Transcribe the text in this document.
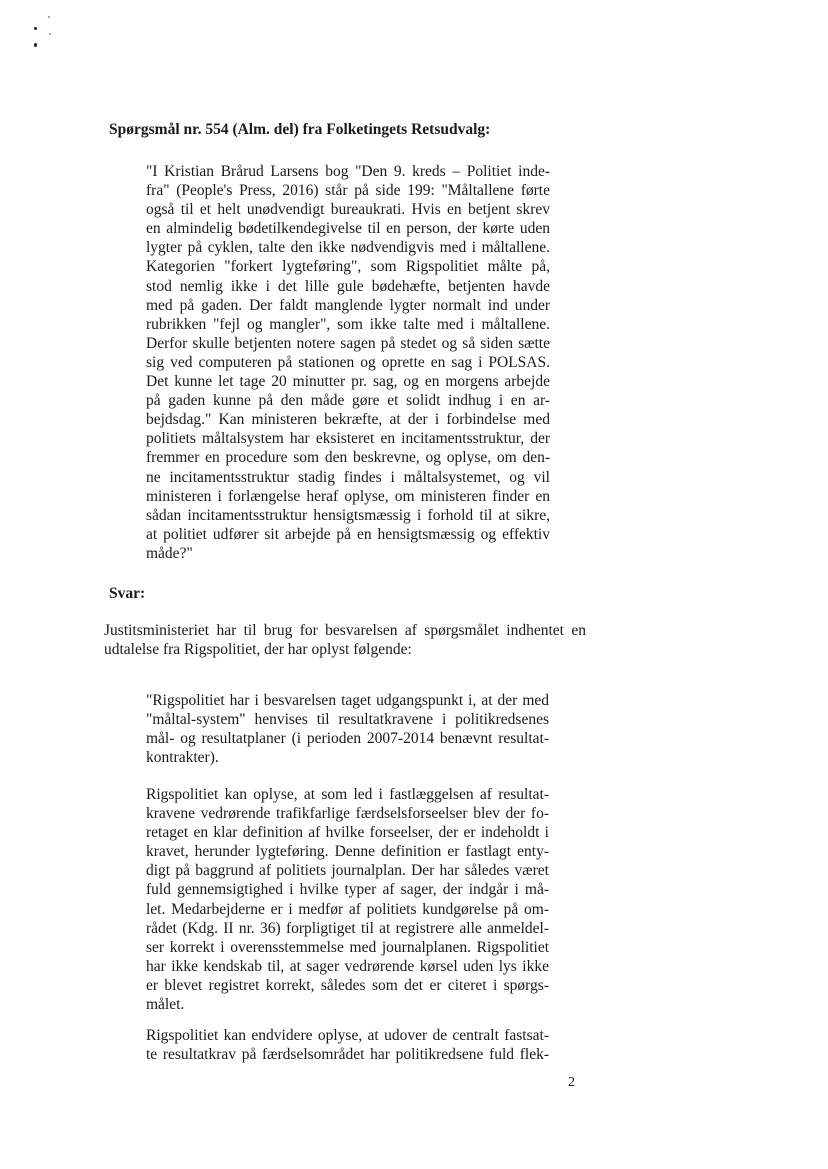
Spørgsmål nr. 554 (Alm. del) fra Folketingets Retsudvalg:
"I Kristian Brårud Larsens bog "Den 9. kreds – Politiet inde-
fra" (People's Press, 2016) står på side 199: "Måltallene førte
også til et helt unødvendigt bureaukrati. Hvis en betjent skrev
en almindelig bødetilkendegivelse til en person, der kørte uden
lygter på cyklen, talte den ikke nødvendigvis med i måltallene.
Kategorien "forkert lygteføring", som Rigspolitiet målte på,
stod nemlig ikke i det lille gule bødehæfte, betjenten havde
med på gaden. Der faldt manglende lygter normalt ind under
rubrikken "fejl og mangler", som ikke talte med i måltallene.
Derfor skulle betjenten notere sagen på stedet og så siden sætte
sig ved computeren på stationen og oprette en sag i POLSAS.
Det kunne let tage 20 minutter pr. sag, og en morgens arbejde
på gaden kunne på den måde gøre et solidt indhug i en ar-
bejdsdag." Kan ministeren bekræfte, at der i forbindelse med
politiets måltalsystem har eksisteret en incitamentsstruktur, der
fremmer en procedure som den beskrevne, og oplyse, om den-
ne incitamentsstruktur stadig findes i måltalsystemet, og vil
ministeren i forlængelse heraf oplyse, om ministeren finder en
sådan incitamentsstruktur hensigtsmæssig i forhold til at sikre,
at politiet udfører sit arbejde på en hensigtsmæssig og effektiv
måde?"
Svar:
Justitsministeriet har til brug for besvarelsen af spørgsmålet indhentet en
udtalelse fra Rigspolitiet, der har oplyst følgende:
"Rigspolitiet har i besvarelsen taget udgangspunkt i, at der med
"måltal-system" henvises til resultatkravene i politikredsenes
mål- og resultatplaner (i perioden 2007-2014 benævnt resultat-
kontrakter).
Rigspolitiet kan oplyse, at som led i fastlæggelsen af resultat-
kravene vedrørende trafikfarlige færdselsforseelser blev der fo-
retaget en klar definition af hvilke forseelser, der er indeholdt i
kravet, herunder lygteføring. Denne definition er fastlagt enty-
digt på baggrund af politiets journalplan. Der har således været
fuld gennemsigtighed i hvilke typer af sager, der indgår i må-
let. Medarbejderne er i medfør af politiets kundgørelse på om-
rådet (Kdg. II nr. 36) forpligtiget til at registrere alle anmeldel-
ser korrekt i overensstemmelse med journalplanen. Rigspolitiet
har ikke kendskab til, at sager vedrørende kørsel uden lys ikke
er blevet registret korrekt, således som det er citeret i spørgs-
målet.
Rigspolitiet kan endvidere oplyse, at udover de centralt fastsat-
te resultatkrav på færdselsområdet har politikredsene fuld flek-
2
